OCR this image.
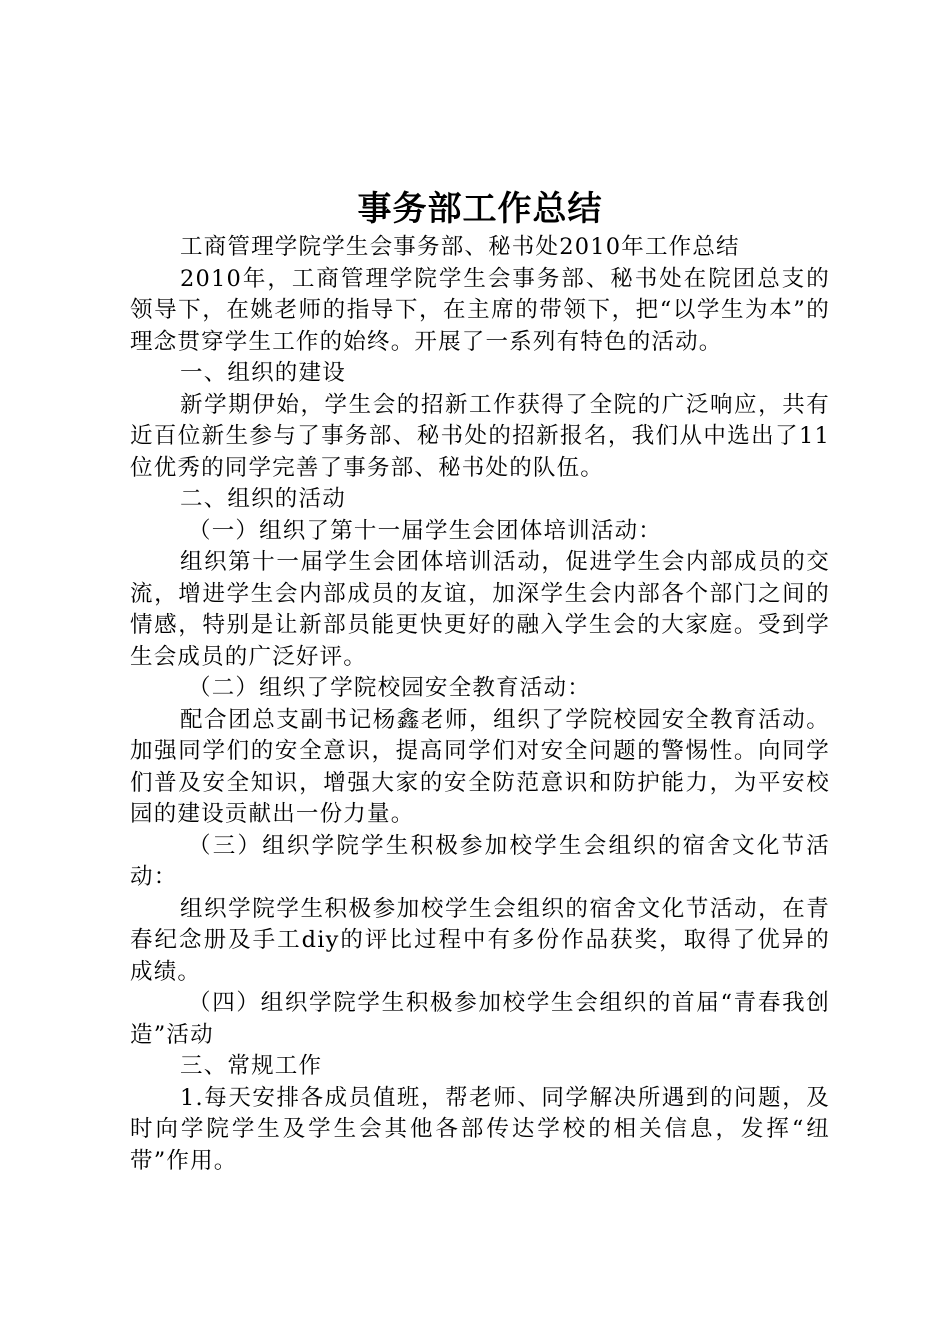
事务部工作总结

工商管理学院学生会事务部、秘书处2010年工作总结

2010年，工商管理学院学生会事务部、秘书处在院团总支的领导下，在姚老师的指导下，在主席的带领下，把“以学生为本”的理念贯穿学生工作的始终。开展了一系列有特色的活动。

一、组织的建设

新学期伊始，学生会的招新工作获得了全院的广泛响应，共有近百位新生参与了事务部、秘书处的招新报名，我们从中选出了11位优秀的同学完善了事务部、秘书处的队伍。

二、组织的活动

（一）组织了第十一届学生会团体培训活动：

组织第十一届学生会团体培训活动，促进学生会内部成员的交流，增进学生会内部成员的友谊，加深学生会内部各个部门之间的情感，特别是让新部员能更快更好的融入学生会的大家庭。受到学生会成员的广泛好评。

（二）组织了学院校园安全教育活动：

配合团总支副书记杨鑫老师，组织了学院校园安全教育活动。加强同学们的安全意识，提高同学们对安全问题的警惕性。向同学们普及安全知识，增强大家的安全防范意识和防护能力，为平安校园的建设贡献出一份力量。

（三）组织学院学生积极参加校学生会组织的宿舍文化节活动：

组织学院学生积极参加校学生会组织的宿舍文化节活动，在青春纪念册及手工diy的评比过程中有多份作品获奖，取得了优异的成绩。

（四）组织学院学生积极参加校学生会组织的首届“青春我创造”活动

三、常规工作

1.每天安排各成员值班，帮老师、同学解决所遇到的问题，及时向学院学生及学生会其他各部传达学校的相关信息，发挥“纽带”作用。
